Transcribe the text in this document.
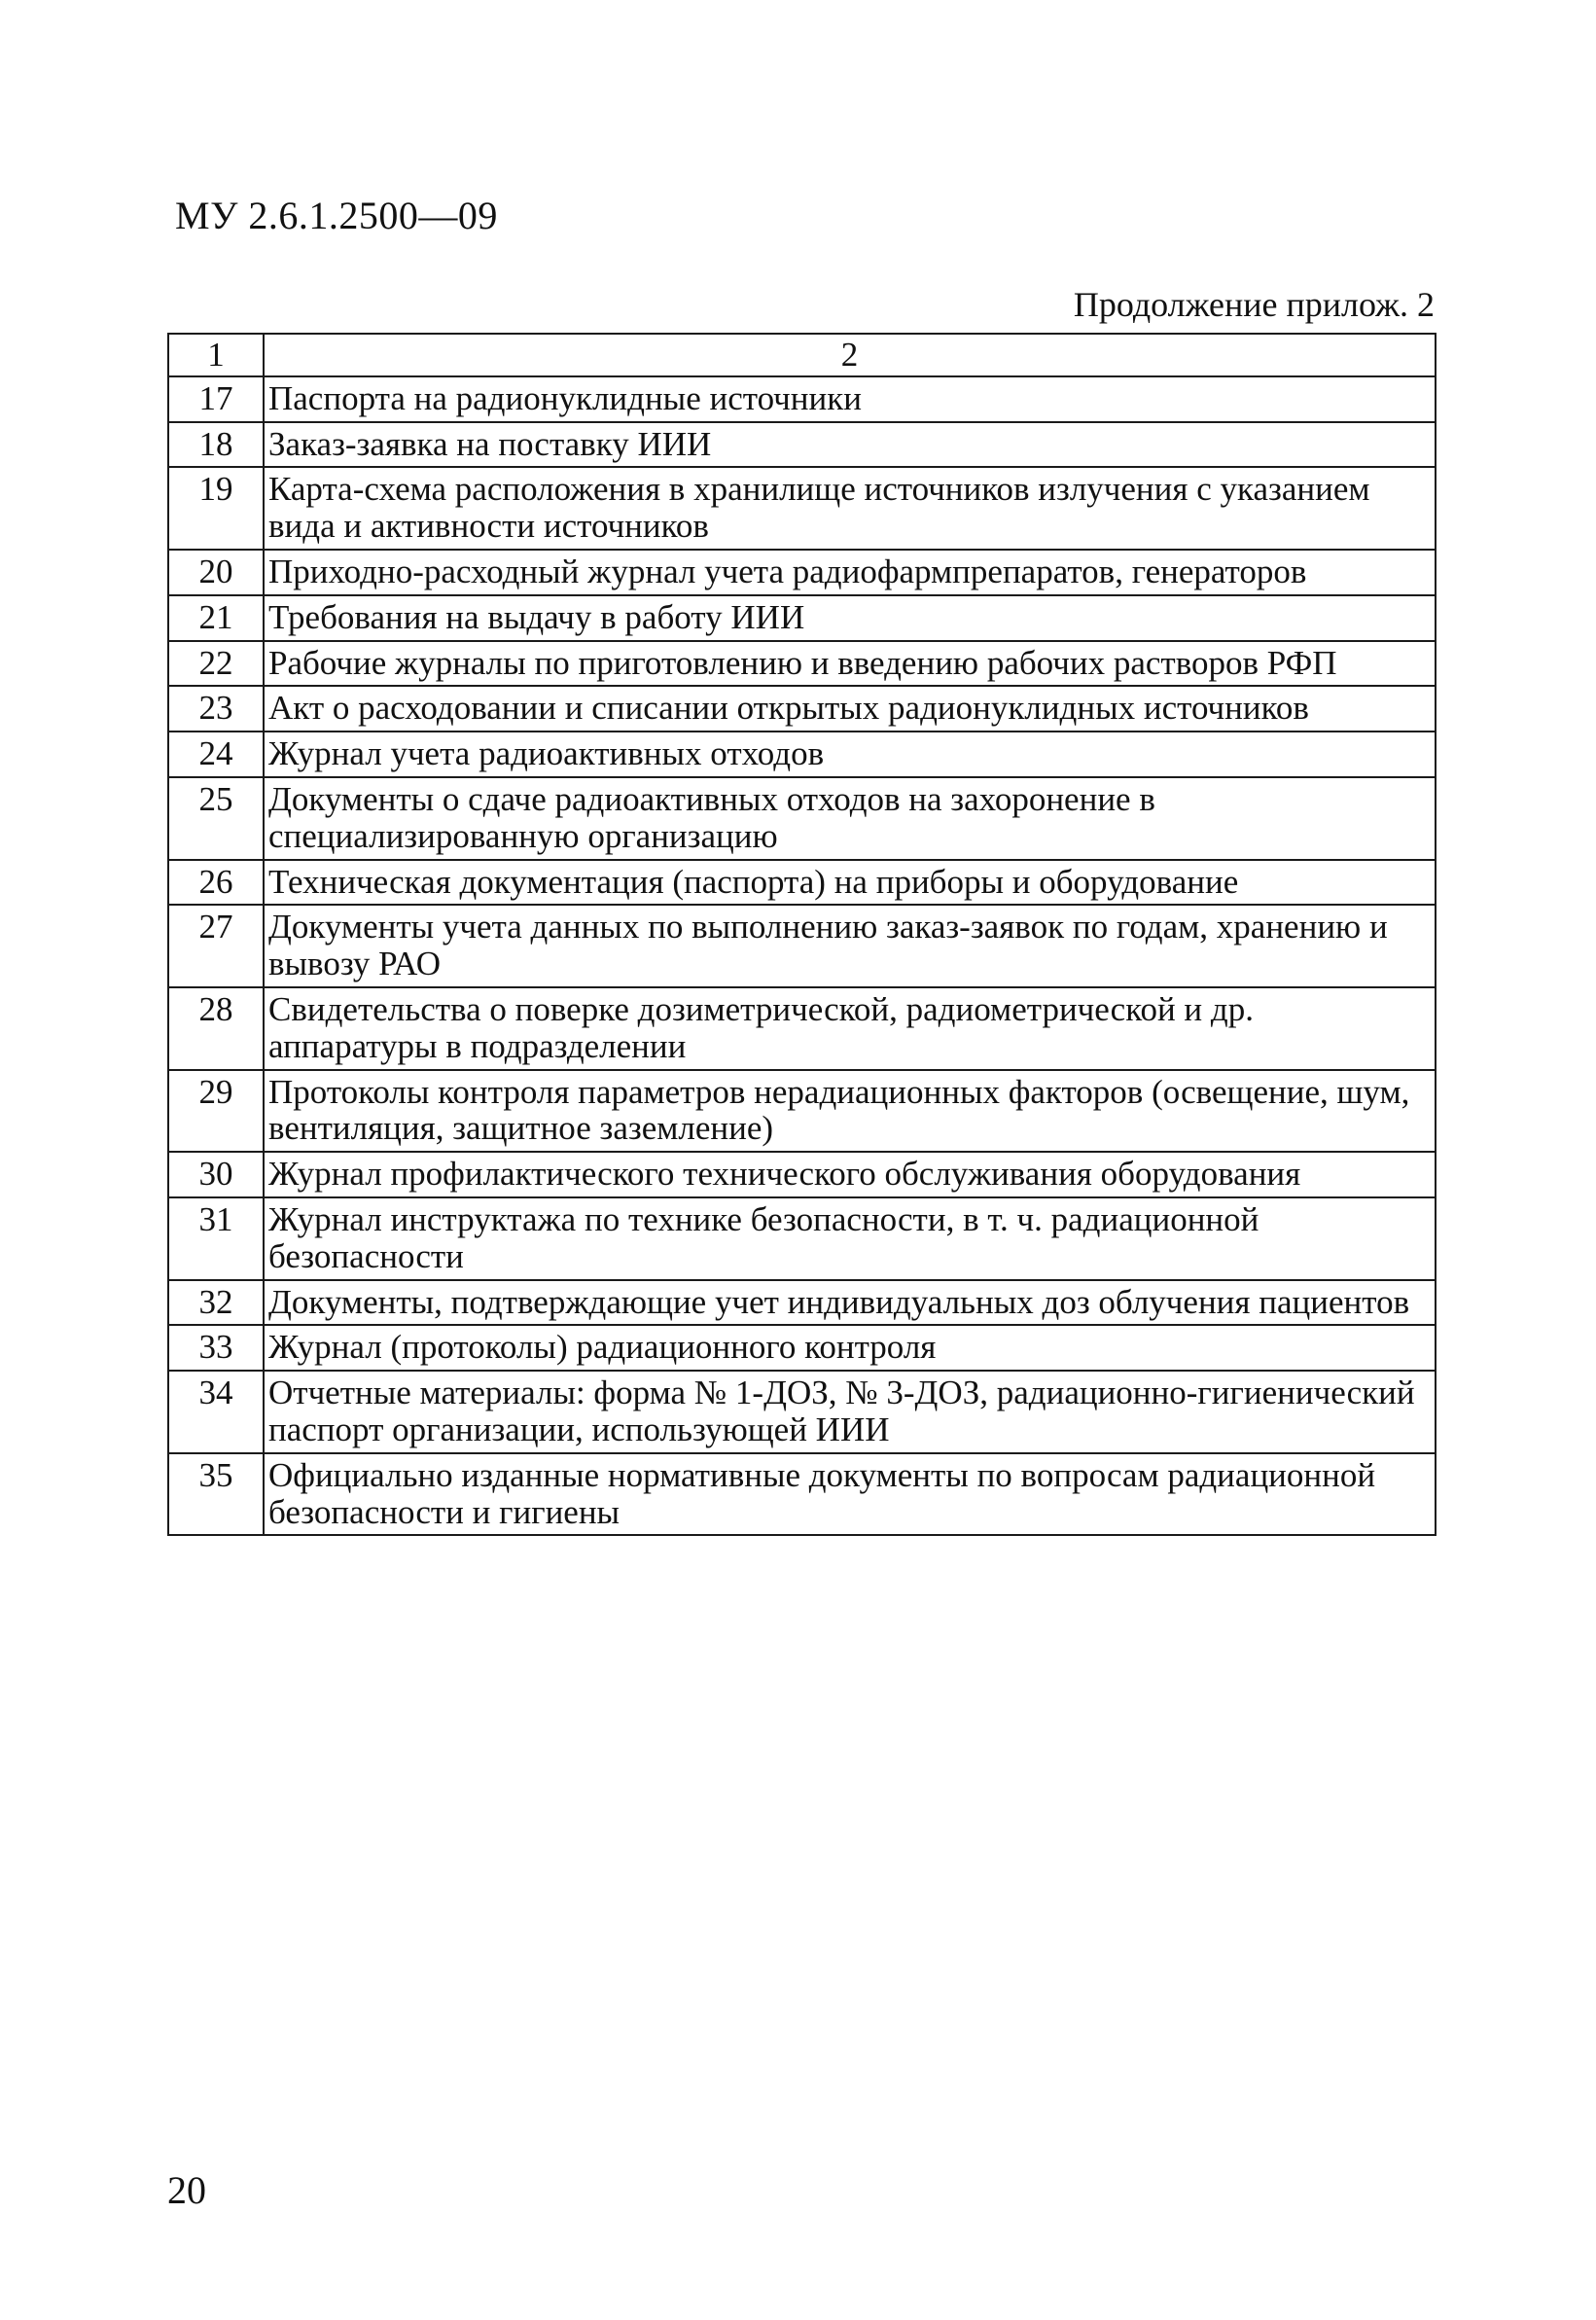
МУ 2.6.1.2500—09
Продолжение прилож. 2
1	2
17	Паспорта на радионуклидные источники
18	Заказ-заявка на поставку ИИИ
19	Карта-схема расположения в хранилище источников излучения с указанием вида и активности источников
20	Приходно-расходный журнал учета радиофармпрепаратов, генераторов
21	Требования на выдачу в работу ИИИ
22	Рабочие журналы по приготовлению и введению рабочих растворов РФП
23	Акт о расходовании и списании открытых радионуклидных источников
24	Журнал учета радиоактивных отходов
25	Документы о сдаче радиоактивных отходов на захоронение в специализированную организацию
26	Техническая документация (паспорта) на приборы и оборудование
27	Документы учета данных по выполнению заказ-заявок по годам, хранению и вывозу РАО
28	Свидетельства о поверке дозиметрической, радиометрической и др. аппаратуры в подразделении
29	Протоколы контроля параметров нерадиационных факторов (освещение, шум, вентиляция, защитное заземление)
30	Журнал профилактического технического обслуживания оборудования
31	Журнал инструктажа по технике безопасности, в т. ч. радиационной безопасности
32	Документы, подтверждающие учет индивидуальных доз облучения пациентов
33	Журнал (протоколы) радиационного контроля
34	Отчетные материалы: форма № 1-ДОЗ, № 3-ДОЗ, радиационно-гигиенический паспорт организации, использующей ИИИ
35	Официально изданные нормативные документы по вопросам радиационной безопасности и гигиены
20
